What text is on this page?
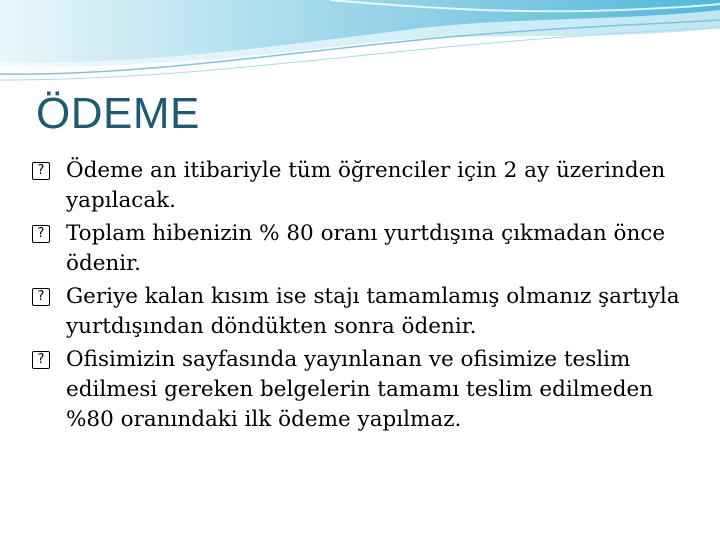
ÖDEME
? Ödeme an itibariyle tüm öğrenciler için 2 ay üzerinden yapılacak.
? Toplam hibenizin % 80 oranı yurtdışına çıkmadan önce ödenir.
? Geriye kalan kısım ise stajı tamamlamış olmanız şartıyla yurtdışından döndükten sonra ödenir.
? Ofisimizin sayfasında yayınlanan ve ofisimize teslim edilmesi gereken belgelerin tamamı teslim edilmeden %80 oranındaki ilk ödeme yapılmaz.
